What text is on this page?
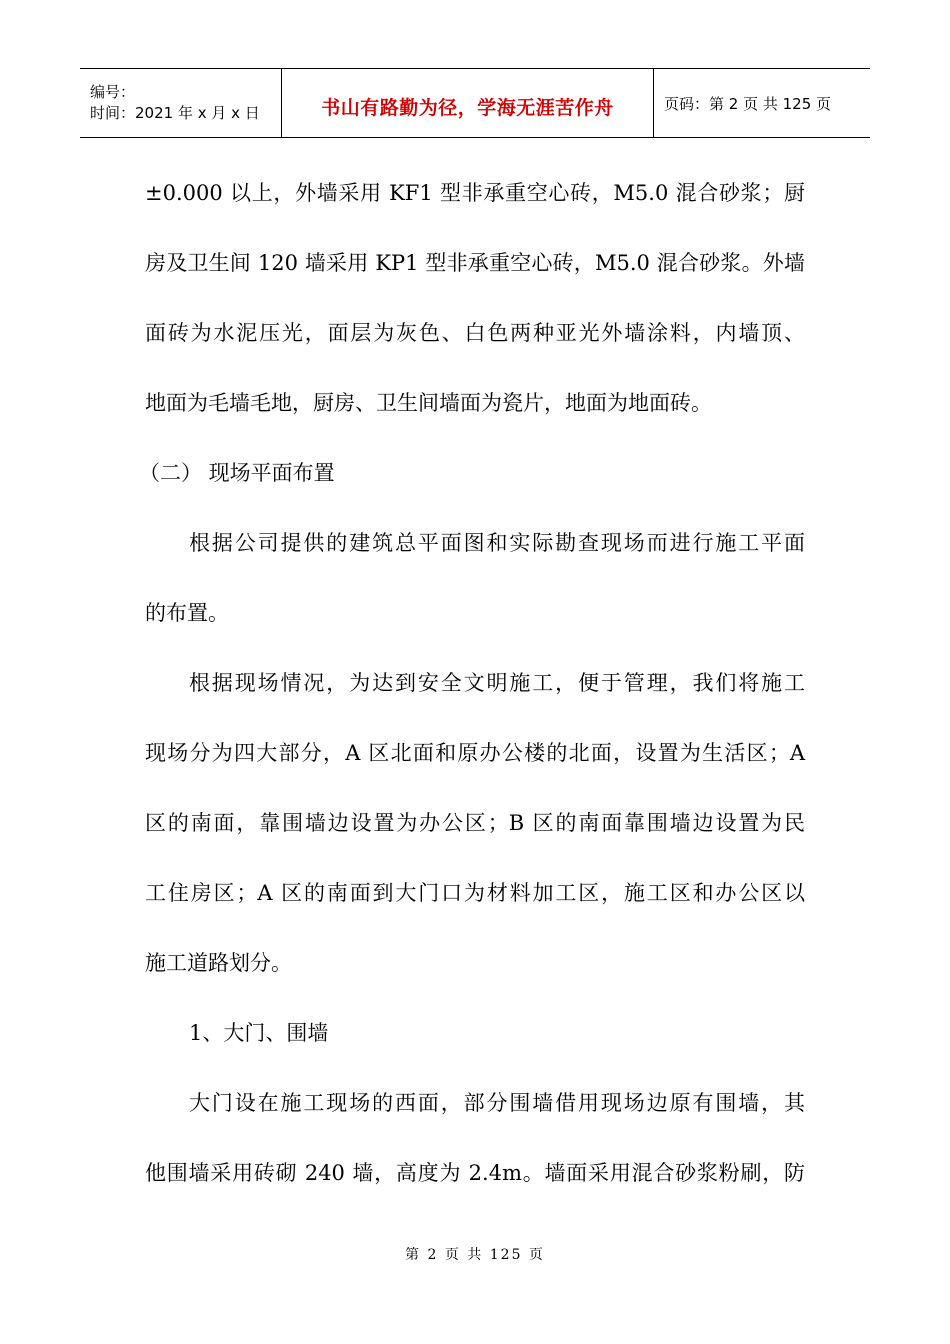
编号：
时间：2021 年 x 月 x 日	书山有路勤为径，学海无涯苦作舟	页码：第 2 页 共 125 页

±0.000 以上，外墙采用 KF1 型非承重空心砖，M5.0 混合砂浆；厨

房及卫生间 120 墙采用 KP1 型非承重空心砖，M5.0 混合砂浆。外墙

面砖为水泥压光，面层为灰色、白色两种亚光外墙涂料，内墙顶、

地面为毛墙毛地，厨房、卫生间墙面为瓷片，地面为地面砖。

（二） 现场平面布置

根据公司提供的建筑总平面图和实际勘查现场而进行施工平面

的布置。

根据现场情况，为达到安全文明施工，便于管理，我们将施工

现场分为四大部分，A 区北面和原办公楼的北面，设置为生活区；A

区的南面，靠围墙边设置为办公区；B 区的南面靠围墙边设置为民

工住房区；A 区的南面到大门口为材料加工区，施工区和办公区以

施工道路划分。

1、大门、围墙

大门设在施工现场的西面，部分围墙借用现场边原有围墙，其

他围墙采用砖砌 240 墙，高度为 2.4m。墙面采用混合砂浆粉刷，防

第 2 页 共 125 页
